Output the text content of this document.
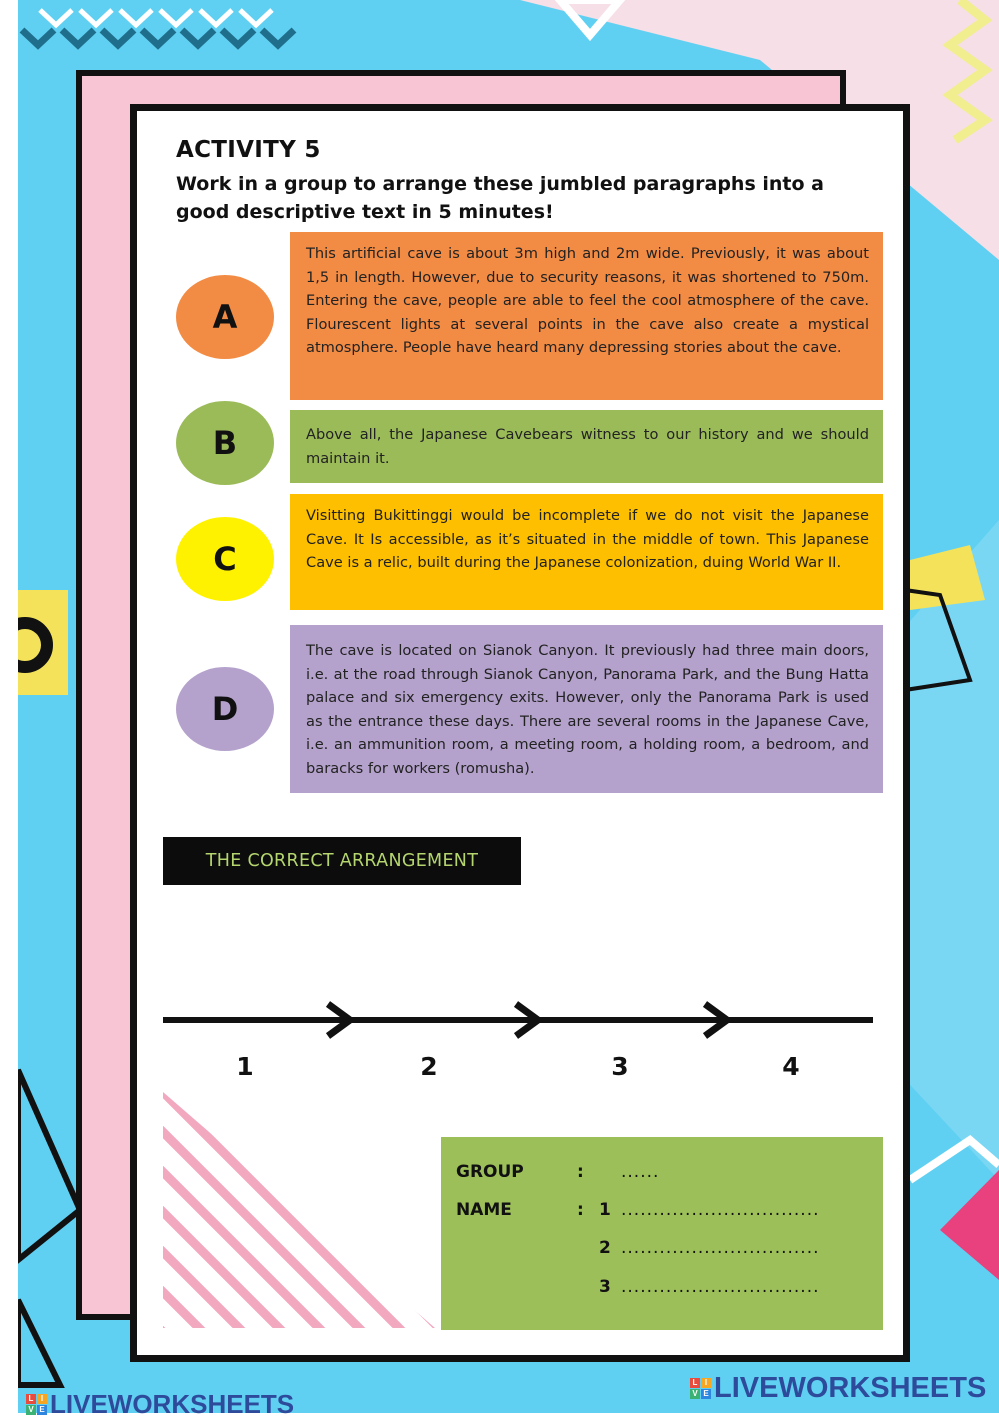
ACTIVITY 5
Work in a group to arrange these jumbled paragraphs into a good descriptive text in 5 minutes!
A
This artificial cave is about 3m high and 2m wide. Previously, it was about 1,5 in length. However, due to security reasons, it was shortened to 750m. Entering the cave, people are able to feel the cool atmosphere of the cave. Flourescent lights at several points in the cave also create a mystical atmosphere. People have heard many depressing stories about the cave.
B	Above all, the Japanese Cavebears witness to our history and we should maintain it.
C
Visitting Bukittinggi would be incomplete if we do not visit the Japanese Cave. It Is accessible, as it’s situated in the middle of town. This Japanese Cave is a relic, built during the Japanese colonization, duing World War II.
D
The cave is located on Sianok Canyon. It previously had three main doors, i.e. at the road through Sianok Canyon, Panorama Park, and the Bung Hatta palace and six emergency exits. However, only the Panorama Park is used as the entrance these days. There are several rooms in the Japanese Cave, i.e. an ammunition room, a meeting room, a holding room, a bedroom, and baracks for workers (romusha).
THE CORRECT ARRANGEMENT
1	2	3	4
GROUP	: ......
NAME	: 1 ...............................
2 ...............................
3 ...............................
L I
V E LIVEWORKSHEETS
L I
V E LIVEWORKSHEETS
